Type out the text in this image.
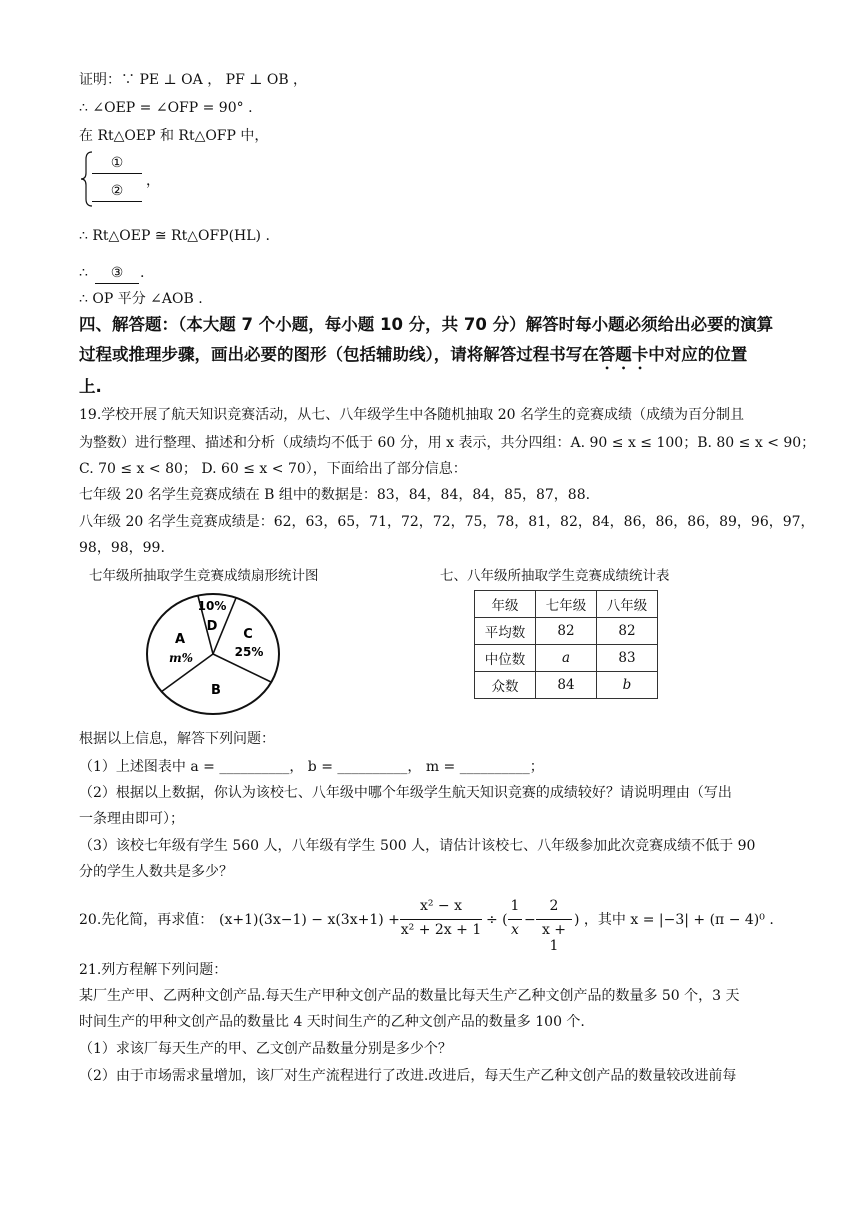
证明：∵ PE ⊥ OA ， PF ⊥ OB ，
∴ ∠OEP = ∠OFP = 90° .
在 Rt△OEP 和 Rt△OFP 中，
①
②
，
∴ Rt△OEP ≅ Rt△OFP(HL) .
∴	③	.
∴ OP 平分 ∠AOB .
四、解答题：（本大题 7 个小题，每小题 10 分，共 70 分）解答时每小题必须给出必要的演算
过程或推理步骤，画出必要的图形（包括辅助线），请将解答过程书写在答题卡中对应的位置
上.
19.学校开展了航天知识竞赛活动，从七、八年级学生中各随机抽取 20 名学生的竞赛成绩（成绩为百分制且
为整数）进行整理、描述和分析（成绩均不低于 60 分，用 x 表示，共分四组：A. 90 ≤ x ≤ 100；B. 80 ≤ x < 90；
C. 70 ≤ x < 80； D. 60 ≤ x < 70），下面给出了部分信息：
七年级 20 名学生竞赛成绩在 B 组中的数据是：83，84，84，84，85，87，88.
八年级 20 名学生竞赛成绩是：62，63，65，71，72，72，75，78，81，82，84，86，86，86，89，96，97，
98，98，99.
七年级所抽取学生竞赛成绩扇形统计图	七、八年级所抽取学生竞赛成绩统计表
10%
D
C
25%
A
m%
B
年级	七年级	八年级
平均数	82	82
中位数	a	83
众数	84	b
根据以上信息，解答下列问题：
（1）上述图表中 a = __________， b = __________， m = __________；
（2）根据以上数据，你认为该校七、八年级中哪个年级学生航天知识竞赛的成绩较好？请说明理由（写出
一条理由即可）；
（3）该校七年级有学生 560 人，八年级有学生 500 人，请估计该校七、八年级参加此次竞赛成绩不低于 90
分的学生人数共是多少？
20.先化简，再求值： (x+1)(3x−1) − x(3x+1) +
x² − x
x² + 2x + 1
÷ (
1
x
−
2
x + 1
) ，其中 x = |−3| + (π − 4)⁰ .
21.列方程解下列问题：
某厂生产甲、乙两种文创产品.每天生产甲种文创产品的数量比每天生产乙种文创产品的数量多 50 个，3 天
时间生产的甲种文创产品的数量比 4 天时间生产的乙种文创产品的数量多 100 个.
（1）求该厂每天生产的甲、乙文创产品数量分别是多少个？
（2）由于市场需求量增加，该厂对生产流程进行了改进.改进后，每天生产乙种文创产品的数量较改进前每
